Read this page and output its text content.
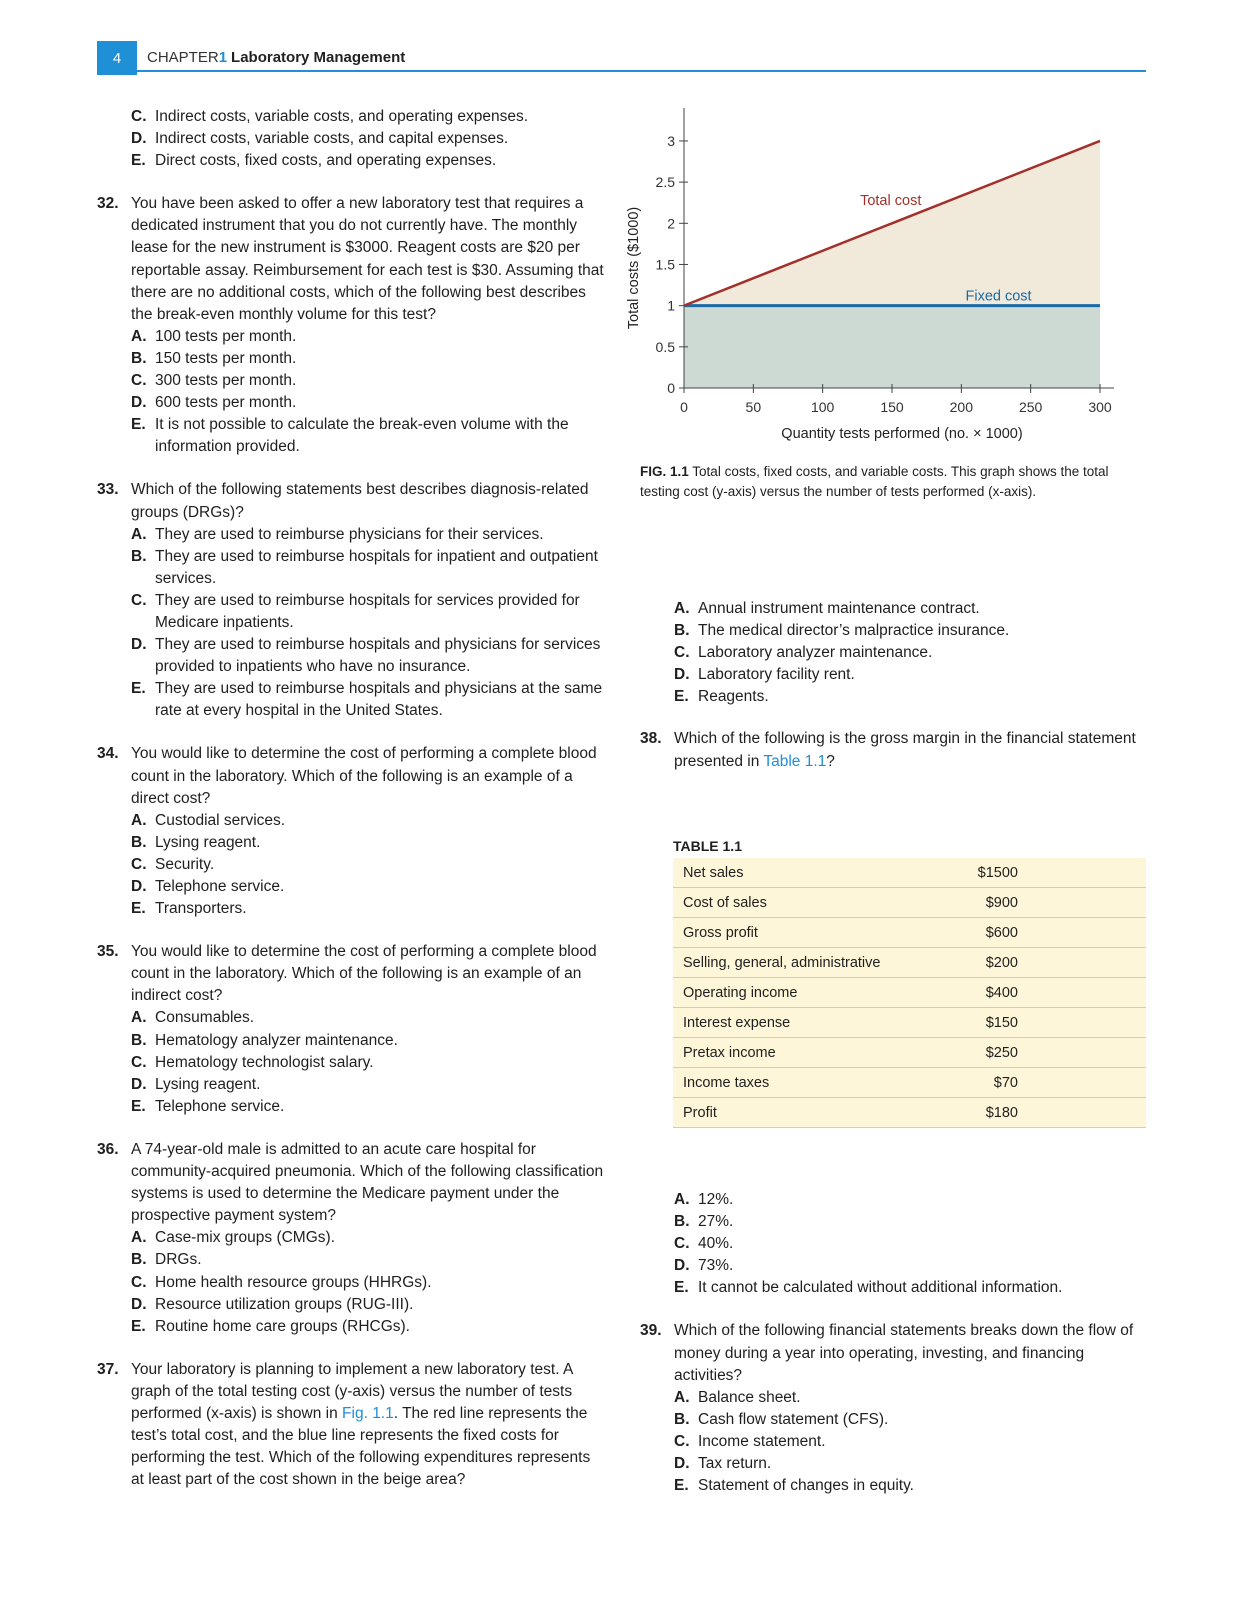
4	CHAPTER1 Laboratory Management
C. Indirect costs, variable costs, and operating expenses.
D. Indirect costs, variable costs, and capital expenses.
E. Direct costs, fixed costs, and operating expenses.
32. You have been asked to offer a new laboratory test that requires a dedicated instrument that you do not currently have. The monthly lease for the new instrument is $3000. Reagent costs are $20 per reportable assay. Reimbursement for each test is $30. Assuming that there are no additional costs, which of the following best describes the break-even monthly volume for this test?
A. 100 tests per month.
B. 150 tests per month.
C. 300 tests per month.
D. 600 tests per month.
E. It is not possible to calculate the break-even volume with the information provided.
33. Which of the following statements best describes diagnosis-related groups (DRGs)?
A. They are used to reimburse physicians for their services.
B. They are used to reimburse hospitals for inpatient and outpatient services.
C. They are used to reimburse hospitals for services provided for Medicare inpatients.
D. They are used to reimburse hospitals and physicians for services provided to inpatients who have no insurance.
E. They are used to reimburse hospitals and physicians at the same rate at every hospital in the United States.
34. You would like to determine the cost of performing a complete blood count in the laboratory. Which of the following is an example of a direct cost?
A. Custodial services.
B. Lysing reagent.
C. Security.
D. Telephone service.
E. Transporters.
35. You would like to determine the cost of performing a complete blood count in the laboratory. Which of the following is an example of an indirect cost?
A. Consumables.
B. Hematology analyzer maintenance.
C. Hematology technologist salary.
D. Lysing reagent.
E. Telephone service.
36. A 74-year-old male is admitted to an acute care hospital for community-acquired pneumonia. Which of the following classification systems is used to determine the Medicare payment under the prospective payment system?
A. Case-mix groups (CMGs).
B. DRGs.
C. Home health resource groups (HHRGs).
D. Resource utilization groups (RUG-III).
E. Routine home care groups (RHCGs).
37. Your laboratory is planning to implement a new laboratory test. A graph of the total testing cost (y-axis) versus the number of tests performed (x-axis) is shown in Fig. 1.1. The red line represents the test’s total cost, and the blue line represents the fixed costs for performing the test. Which of the following expenditures represents at least part of the cost shown in the beige area?
0
0.5
1
1.5
2
2.5
3
0	50	100	150	200	250	300
Total cost
Fixed cost
Quantity tests performed (no. × 1000)
Total costs ($1000)
FIG. 1.1 Total costs, fixed costs, and variable costs. This graph shows the total testing cost (y-axis) versus the number of tests performed (x-axis).
A. Annual instrument maintenance contract.
B. The medical director’s malpractice insurance.
C. Laboratory analyzer maintenance.
D. Laboratory facility rent.
E. Reagents.
38. Which of the following is the gross margin in the financial statement presented in Table 1.1?
TABLE 1.1
Net sales	$1500
Cost of sales	$900
Gross profit	$600
Selling, general, administrative	$200
Operating income	$400
Interest expense	$150
Pretax income	$250
Income taxes	$70
Profit	$180
A. 12%.
B. 27%.
C. 40%.
D. 73%.
E. It cannot be calculated without additional information.
39. Which of the following financial statements breaks down the flow of money during a year into operating, investing, and financing activities?
A. Balance sheet.
B. Cash flow statement (CFS).
C. Income statement.
D. Tax return.
E. Statement of changes in equity.
